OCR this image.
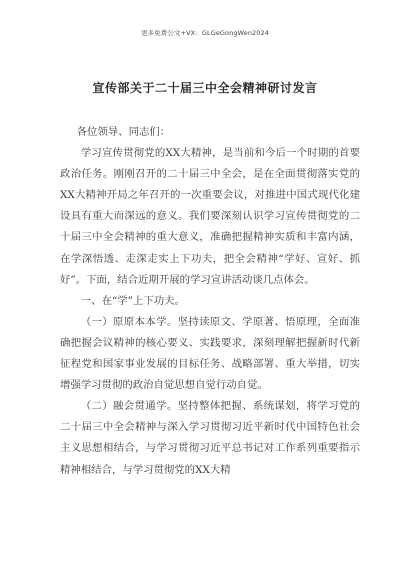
更多免费公文+VX：GLGeGongWen2024
宣传部关于二十届三中全会精神研讨发言

各位领导、同志们：

学习宣传贯彻党的XX大精神，是当前和今后一个时期的首要政治任务。刚刚召开的二十届三中全会，是在全面贯彻落实党的XX大精神开局之年召开的一次重要会议，对推进中国式现代化建设具有重大而深远的意义。我们要深刻认识学习宣传贯彻党的二十届三中全会精神的重大意义，准确把握精神实质和丰富内涵，在学深悟透、走深走实上下功夫，把全会精神“学好、宣好、抓好”。下面，结合近期开展的学习宣讲活动谈几点体会。

一、在“学”上下功夫。

（一）原原本本学。坚持读原文、学原著、悟原理，全面准确把握会议精神的核心要义、实践要求，深刻理解把握新时代新征程党和国家事业发展的目标任务、战略部署、重大举措，切实增强学习贯彻的政治自觉思想自觉行动自觉。

（二）融会贯通学。坚持整体把握、系统谋划，将学习党的二十届三中全会精神与深入学习贯彻习近平新时代中国特色社会主义思想相结合，与学习贯彻习近平总书记对工作系列重要指示精神相结合，与学习贯彻党的XX大精
